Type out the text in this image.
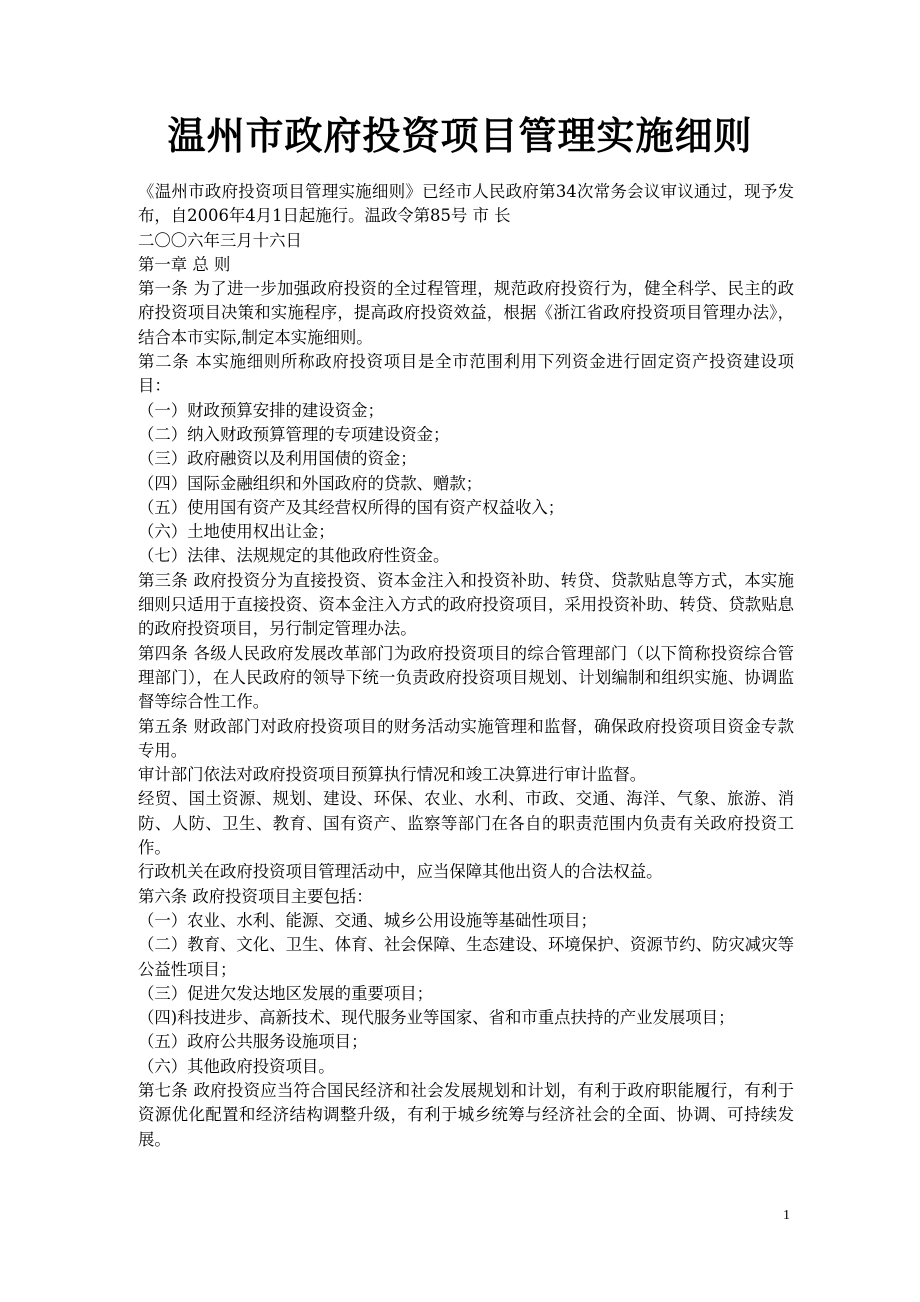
温州市政府投资项目管理实施细则

《温州市政府投资项目管理实施细则》已经市人民政府第34次常务会议审议通过，现予发布，自2006年4月1日起施行。温政令第85号 市 长

二〇〇六年三月十六日

第一章 总 则

第一条 为了进一步加强政府投资的全过程管理，规范政府投资行为，健全科学、民主的政府投资项目决策和实施程序，提高政府投资效益，根据《浙江省政府投资项目管理办法》，结合本市实际,制定本实施细则。

第二条 本实施细则所称政府投资项目是全市范围利用下列资金进行固定资产投资建设项目：

（一）财政预算安排的建设资金；

（二）纳入财政预算管理的专项建设资金；

（三）政府融资以及利用国债的资金；

（四）国际金融组织和外国政府的贷款、赠款；

（五）使用国有资产及其经营权所得的国有资产权益收入；

（六）土地使用权出让金；

（七）法律、法规规定的其他政府性资金。

第三条 政府投资分为直接投资、资本金注入和投资补助、转贷、贷款贴息等方式，本实施细则只适用于直接投资、资本金注入方式的政府投资项目，采用投资补助、转贷、贷款贴息的政府投资项目，另行制定管理办法。

第四条 各级人民政府发展改革部门为政府投资项目的综合管理部门（以下简称投资综合管理部门），在人民政府的领导下统一负责政府投资项目规划、计划编制和组织实施、协调监督等综合性工作。

第五条 财政部门对政府投资项目的财务活动实施管理和监督，确保政府投资项目资金专款专用。

审计部门依法对政府投资项目预算执行情况和竣工决算进行审计监督。

经贸、国土资源、规划、建设、环保、农业、水利、市政、交通、海洋、气象、旅游、消防、人防、卫生、教育、国有资产、监察等部门在各自的职责范围内负责有关政府投资工作。

行政机关在政府投资项目管理活动中，应当保障其他出资人的合法权益。

第六条 政府投资项目主要包括：

（一）农业、水利、能源、交通、城乡公用设施等基础性项目；

（二）教育、文化、卫生、体育、社会保障、生态建设、环境保护、资源节约、防灾减灾等公益性项目；

（三）促进欠发达地区发展的重要项目；

（四)科技进步、高新技术、现代服务业等国家、省和市重点扶持的产业发展项目；

（五）政府公共服务设施项目；

（六）其他政府投资项目。

第七条 政府投资应当符合国民经济和社会发展规划和计划，有利于政府职能履行，有利于资源优化配置和经济结构调整升级，有利于城乡统筹与经济社会的全面、协调、可持续发展。

1
